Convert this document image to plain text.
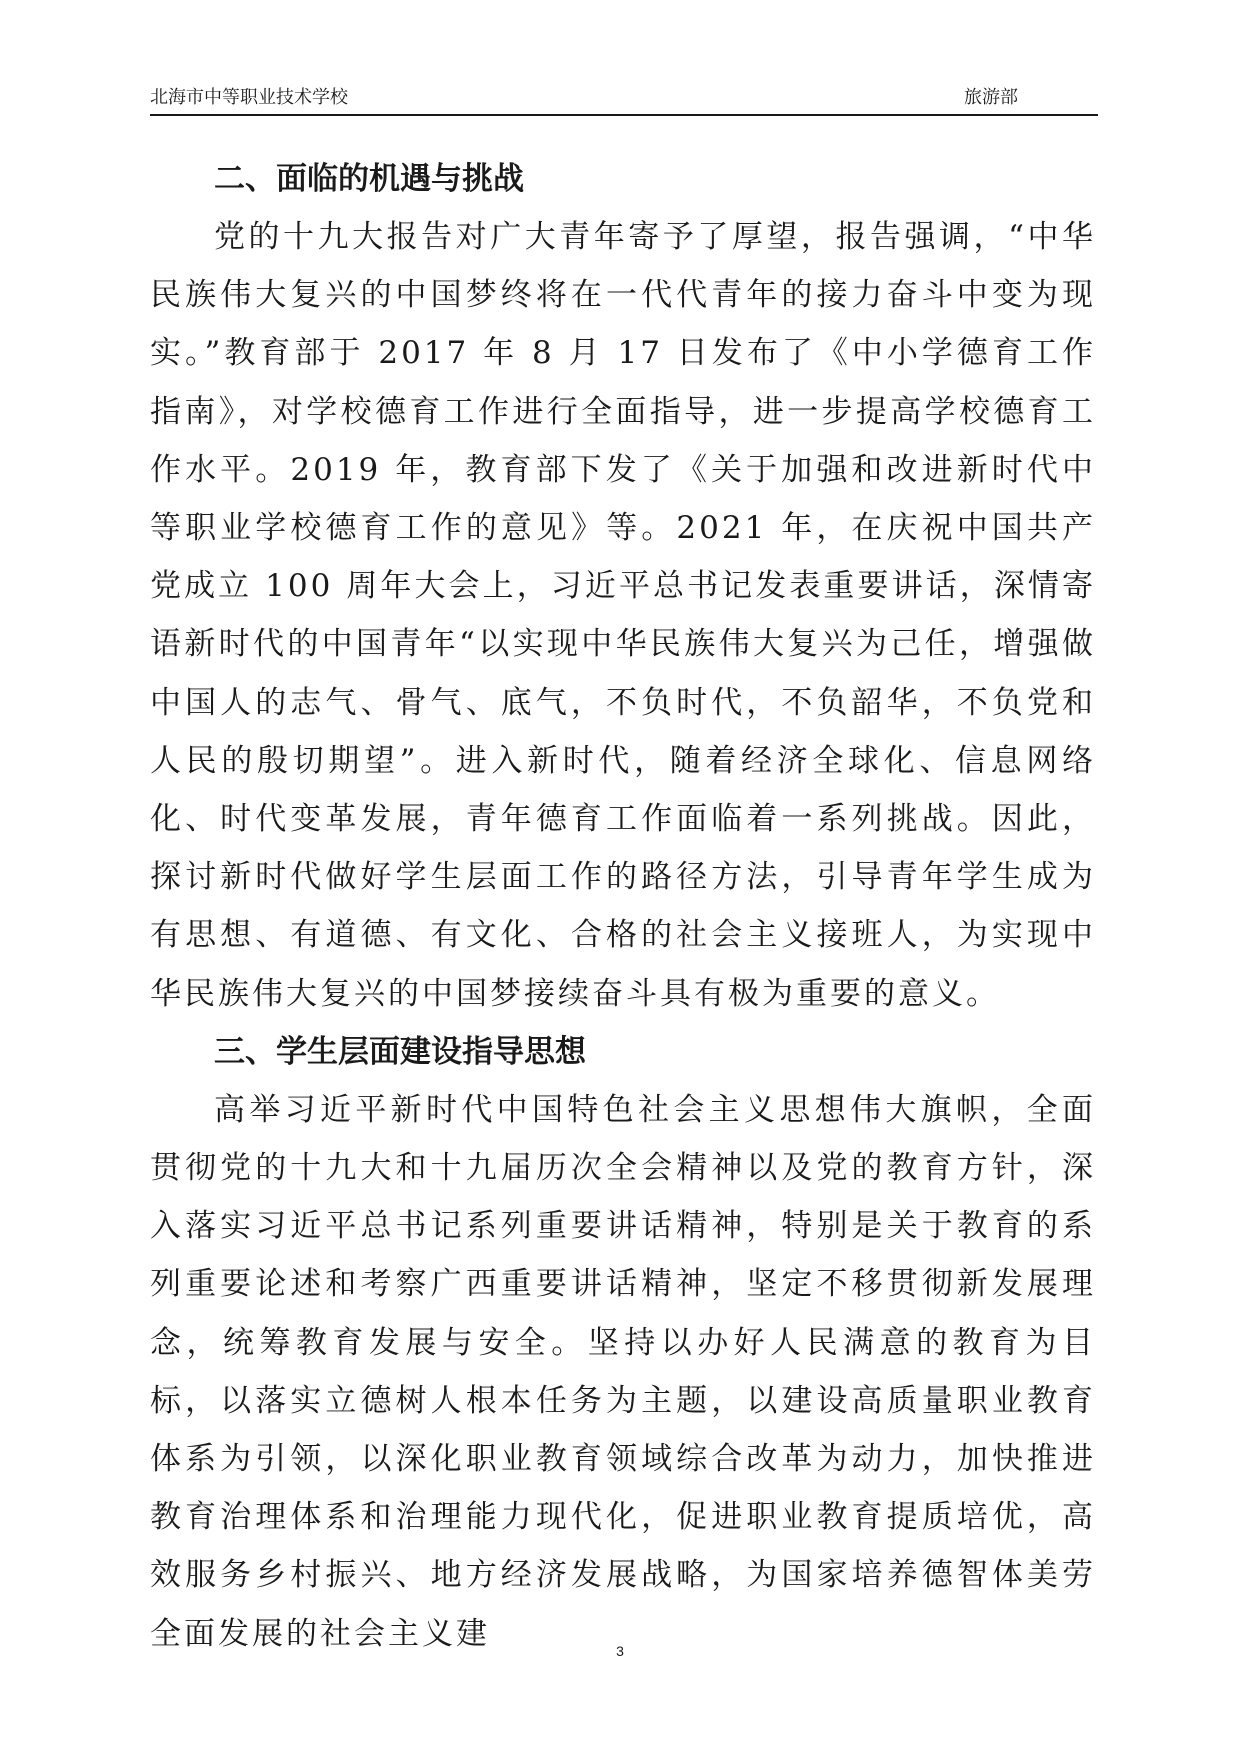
北海市中等职业技术学校	旅游部
二、面临的机遇与挑战

党的十九大报告对广大青年寄予了厚望，报告强调，“中华民族伟大复兴的中国梦终将在一代代青年的接力奋斗中变为现实。”教育部于 2017 年 8 月 17 日发布了《中小学德育工作指南》，对学校德育工作进行全面指导，进一步提高学校德育工作水平。2019 年，教育部下发了《关于加强和改进新时代中等职业学校德育工作的意见》等。2021 年，在庆祝中国共产党成立 100 周年大会上，习近平总书记发表重要讲话，深情寄语新时代的中国青年“以实现中华民族伟大复兴为己任，增强做中国人的志气、骨气、底气，不负时代，不负韶华，不负党和人民的殷切期望”。进入新时代，随着经济全球化、信息网络化、时代变革发展，青年德育工作面临着一系列挑战。因此，探讨新时代做好学生层面工作的路径方法，引导青年学生成为有思想、有道德、有文化、合格的社会主义接班人，为实现中华民族伟大复兴的中国梦接续奋斗具有极为重要的意义。

三、学生层面建设指导思想

高举习近平新时代中国特色社会主义思想伟大旗帜，全面贯彻党的十九大和十九届历次全会精神以及党的教育方针，深入落实习近平总书记系列重要讲话精神，特别是关于教育的系列重要论述和考察广西重要讲话精神，坚定不移贯彻新发展理念，统筹教育发展与安全。坚持以办好人民满意的教育为目标，以落实立德树人根本任务为主题，以建设高质量职业教育体系为引领，以深化职业教育领域综合改革为动力，加快推进教育治理体系和治理能力现代化，促进职业教育提质培优，高效服务乡村振兴、地方经济发展战略，为国家培养德智体美劳全面发展的社会主义建	3
